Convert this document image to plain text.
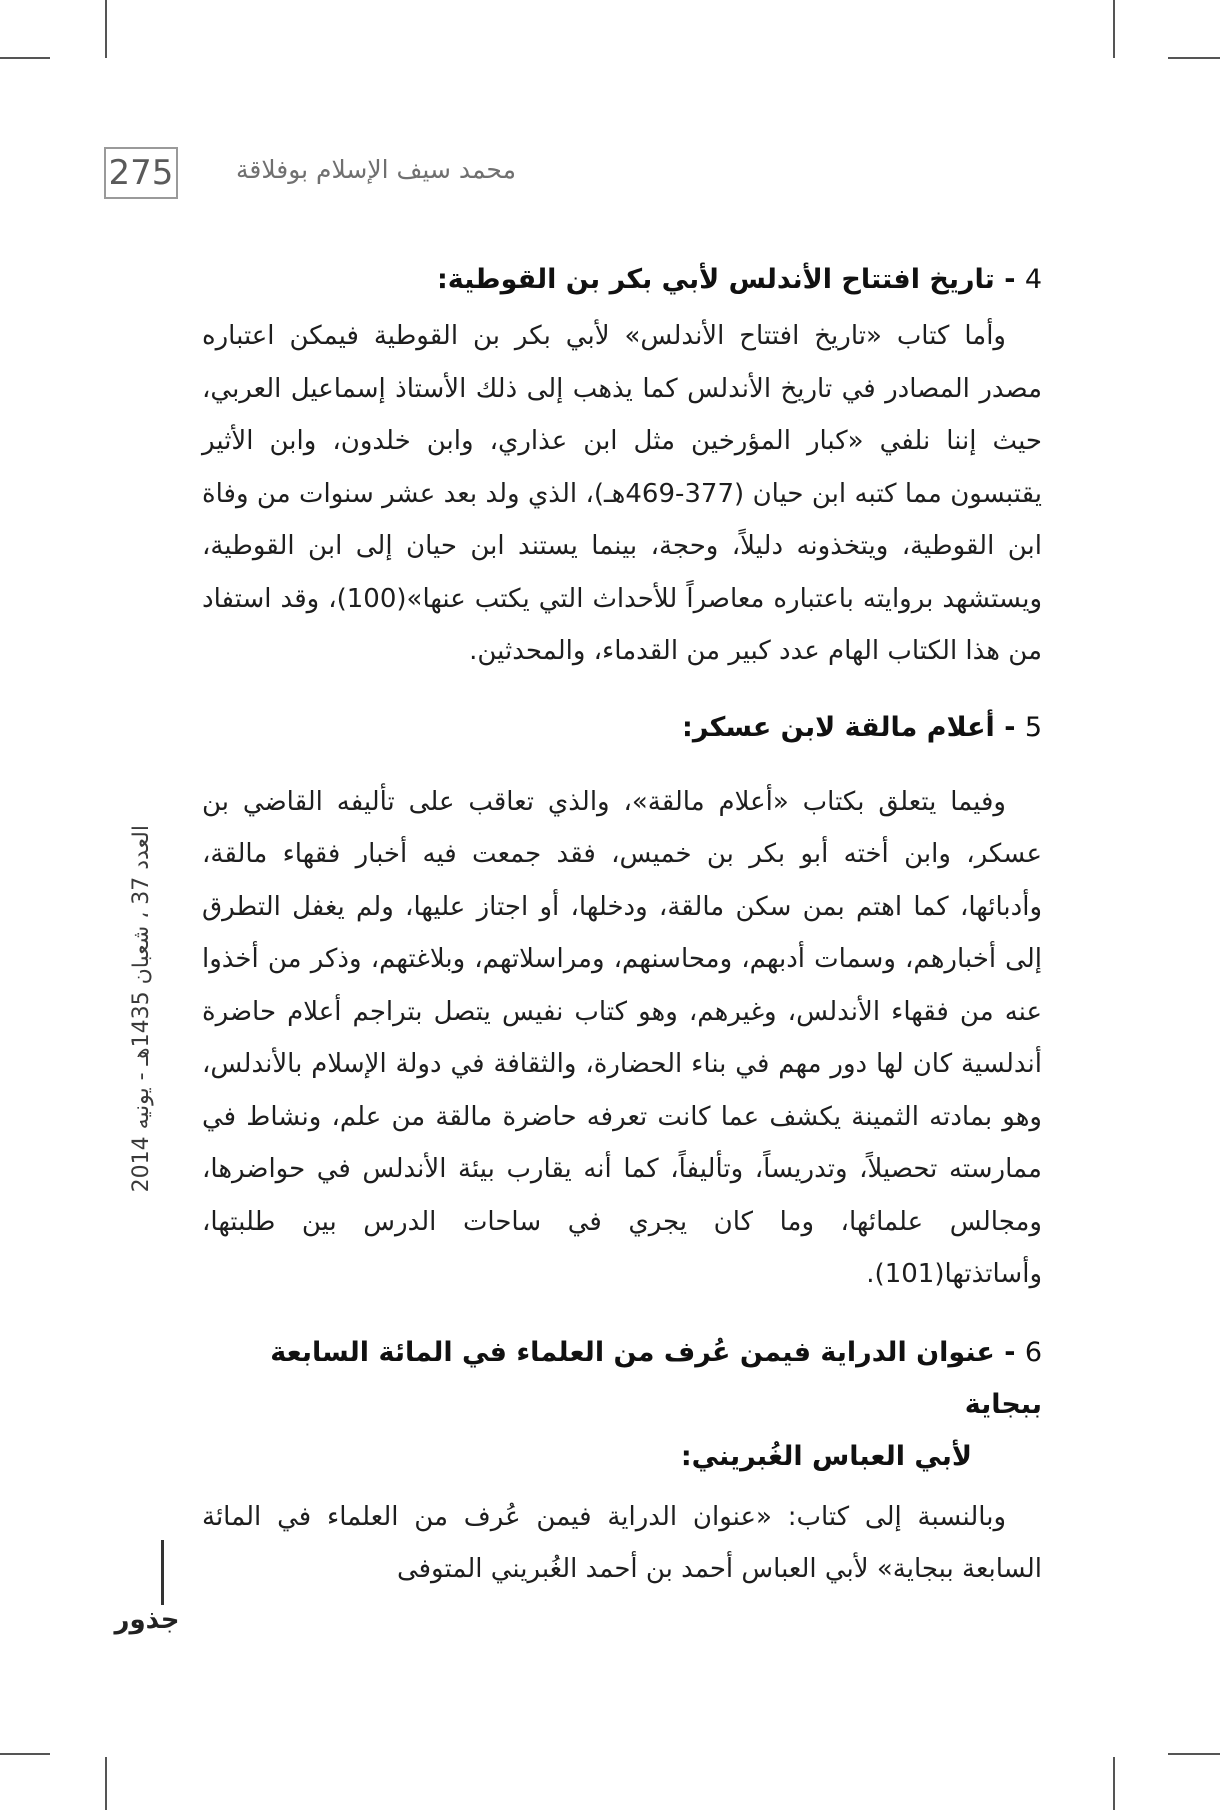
275	محمد سيف الإسلام بوفلاقة
4 - تاريخ افتتاح الأندلس لأبي بكر بن القوطية:

وأما كتاب «تاريخ افتتاح الأندلس» لأبي بكر بن القوطية فيمكن اعتباره مصدر المصادر في تاريخ الأندلس كما يذهب إلى ذلك الأستاذ إسماعيل العربي، حيث إننا نلفي «كبار المؤرخين مثل ابن عذاري، وابن خلدون، وابن الأثير يقتبسون مما كتبه ابن حيان (377-469هـ)، الذي ولد بعد عشر سنوات من وفاة ابن القوطية، ويتخذونه دليلاً، وحجة، بينما يستند ابن حيان إلى ابن القوطية، ويستشهد بروايته باعتباره معاصراً للأحداث التي يكتب عنها»(100)، وقد استفاد من هذا الكتاب الهام عدد كبير من القدماء، والمحدثين.

5 - أعلام مالقة لابن عسكر:

وفيما يتعلق بكتاب «أعلام مالقة»، والذي تعاقب على تأليفه القاضي بن عسكر، وابن أخته أبو بكر بن خميس، فقد جمعت فيه أخبار فقهاء مالقة، وأدبائها، كما اهتم بمن سكن مالقة، ودخلها، أو اجتاز عليها، ولم يغفل التطرق إلى أخبارهم، وسمات أدبهم، ومحاسنهم، ومراسلاتهم، وبلاغتهم، وذكر من أخذوا عنه من فقهاء الأندلس، وغيرهم، وهو كتاب نفيس يتصل بتراجم أعلام حاضرة أندلسية كان لها دور مهم في بناء الحضارة، والثقافة في دولة الإسلام بالأندلس، وهو بمادته الثمينة يكشف عما كانت تعرفه حاضرة مالقة من علم، ونشاط في ممارسته تحصيلاً، وتدريساً، وتأليفاً، كما أنه يقارب بيئة الأندلس في حواضرها، ومجالس علمائها، وما كان يجري في ساحات الدرس بين طلبتها، وأساتذتها(101).

6 - عنوان الدراية فيمن عُرف من العلماء في المائة السابعة ببجاية
لأبي العباس الغُبريني:

وبالنسبة إلى كتاب: «عنوان الدراية فيمن عُرف من العلماء في المائة السابعة ببجاية» لأبي العباس أحمد بن أحمد الغُبريني المتوفى

العدد 37 ، شعبان 1435هـ - يونيه 2014
جذور
